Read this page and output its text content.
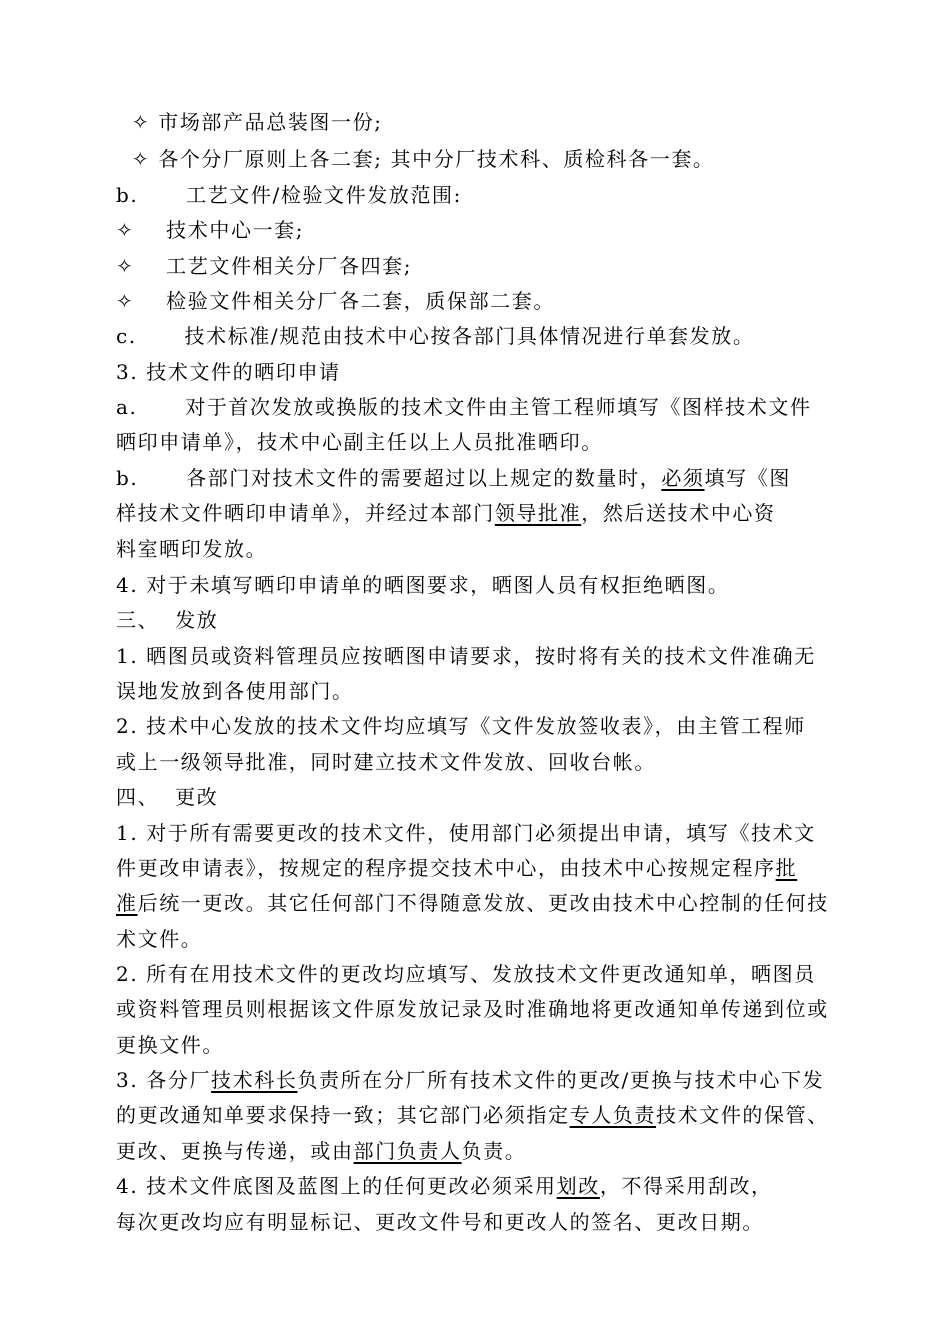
✧ 市场部产品总装图一份;
✧ 各个分厂原则上各二套; 其中分厂技术科、质检科各一套。
b.      工艺文件/检验文件发放范围:
✧    技术中心一套;
✧    工艺文件相关分厂各四套;
✧    检验文件相关分厂各二套，质保部二套。
c.      技术标准/规范由技术中心按各部门具体情况进行单套发放。
3. 技术文件的晒印申请
a.      对于首次发放或换版的技术文件由主管工程师填写《图样技术文件
晒印申请单》，技术中心副主任以上人员批准晒印。
b.      各部门对技术文件的需要超过以上规定的数量时，必须填写《图
样技术文件晒印申请单》，并经过本部门领导批准，然后送技术中心资
料室晒印发放。
4. 对于未填写晒印申请单的晒图要求，晒图人员有权拒绝晒图。
三、  发放
1. 晒图员或资料管理员应按晒图申请要求，按时将有关的技术文件准确无
误地发放到各使用部门。
2. 技术中心发放的技术文件均应填写《文件发放签收表》，由主管工程师
或上一级领导批准，同时建立技术文件发放、回收台帐。
四、  更改
1. 对于所有需要更改的技术文件，使用部门必须提出申请，填写《技术文
件更改申请表》，按规定的程序提交技术中心，由技术中心按规定程序批
准后统一更改。其它任何部门不得随意发放、更改由技术中心控制的任何技
术文件。
2. 所有在用技术文件的更改均应填写、发放技术文件更改通知单，晒图员
或资料管理员则根据该文件原发放记录及时准确地将更改通知单传递到位或
更换文件。
3. 各分厂技术科长负责所在分厂所有技术文件的更改/更换与技术中心下发
的更改通知单要求保持一致；其它部门必须指定专人负责技术文件的保管、
更改、更换与传递，或由部门负责人负责。
4. 技术文件底图及蓝图上的任何更改必须采用划改，不得采用刮改，
每次更改均应有明显标记、更改文件号和更改人的签名、更改日期。
